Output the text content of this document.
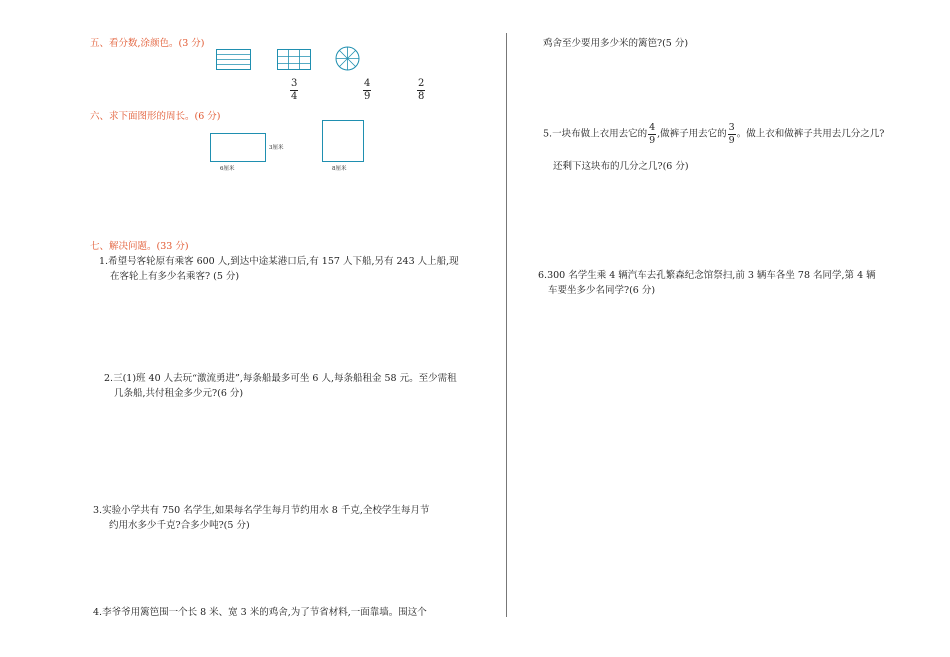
五、看分数,涂颜色。(3 分)
$\frac{3}{4}$	$\frac{4}{9}$	$\frac{2}{8}$
六、求下面图形的周长。(6 分)
3厘米
6厘米	8厘米
七、解决问题。(33 分)
1.希望号客轮原有乘客 600 人,到达中途某港口后,有 157 人下船,另有 243 人上船,现
在客轮上有多少名乘客? (5 分)
2.三(1)班 40 人去玩“激流勇进”,每条船最多可坐 6 人,每条船租金 58 元。至少需租
几条船,共付租金多少元?(6 分)
3.实验小学共有 750 名学生,如果每名学生每月节约用水 8 千克,全校学生每月节
约用水多少千克?合多少吨?(5 分)
4.李爷爷用篱笆围一个长 8 米、宽 3 米的鸡舍,为了节省材料,一面靠墙。围这个
鸡舍至少要用多少米的篱笆?(5 分)
5.一块布做上衣用去它的 $\frac{4}{9}$ ,做裤子用去它的 $\frac{3}{9}$ 。做上衣和做裤子共用去几分之几?
还剩下这块布的几分之几?(6 分)
6.300 名学生乘 4 辆汽车去孔繁森纪念馆祭扫,前 3 辆车各坐 78 名同学,第 4 辆
车要坐多少名同学?(6 分)
